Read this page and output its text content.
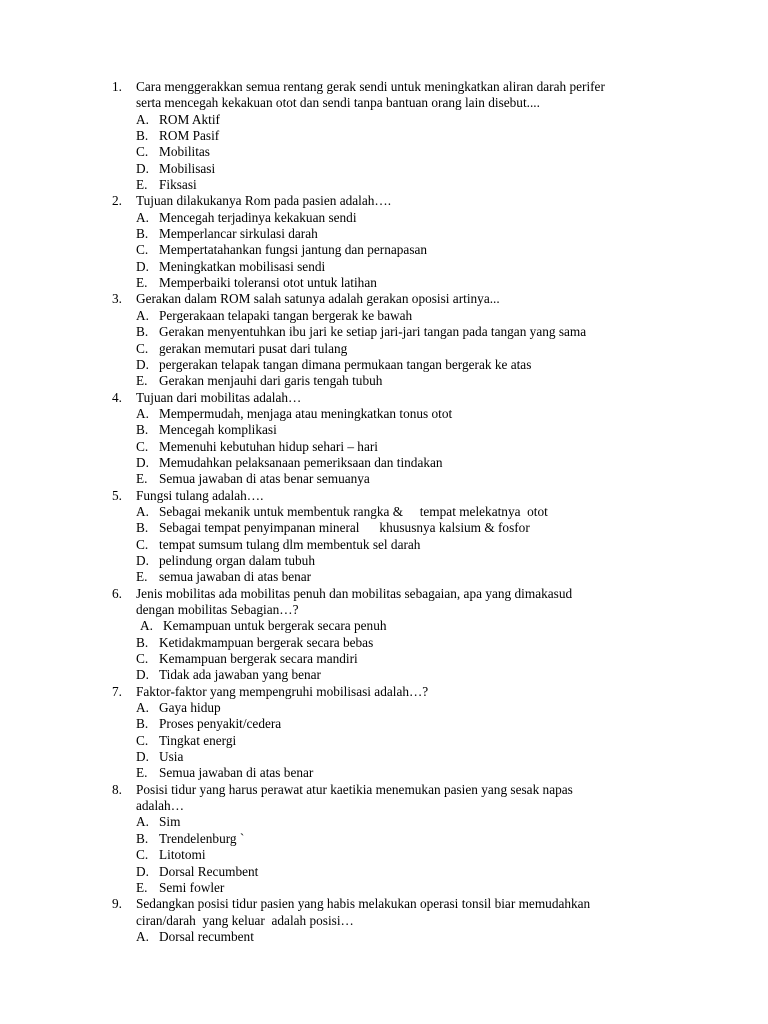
1. Cara menggerakkan semua rentang gerak sendi untuk meningkatkan aliran darah perifer
serta mencegah kekakuan otot dan sendi tanpa bantuan orang lain disebut....
A. ROM Aktif
B. ROM Pasif
C. Mobilitas
D. Mobilisasi
E. Fiksasi
2. Tujuan dilakukanya Rom pada pasien adalah….
A. Mencegah terjadinya kekakuan sendi
B. Memperlancar sirkulasi darah
C. Mempertatahankan fungsi jantung dan pernapasan
D. Meningkatkan mobilisasi sendi
E. Memperbaiki toleransi otot untuk latihan
3. Gerakan dalam ROM salah satunya adalah gerakan oposisi artinya...
A. Pergerakaan telapaki tangan bergerak ke bawah
B. Gerakan menyentuhkan ibu jari ke setiap jari-jari tangan pada tangan yang sama
C. gerakan memutari pusat dari tulang
D. pergerakan telapak tangan dimana permukaan tangan bergerak ke atas
E. Gerakan menjauhi dari garis tengah tubuh
4. Tujuan dari mobilitas adalah…
A. Mempermudah, menjaga atau meningkatkan tonus otot
B. Mencegah komplikasi
C. Memenuhi kebutuhan hidup sehari – hari
D. Memudahkan pelaksanaan pemeriksaan dan tindakan
E. Semua jawaban di atas benar semuanya
5. Fungsi tulang adalah….
A. Sebagai mekanik untuk membentuk rangka &     tempat melekatnya  otot
B. Sebagai tempat penyimpanan mineral      khususnya kalsium & fosfor
C. tempat sumsum tulang dlm membentuk sel darah
D. pelindung organ dalam tubuh
E. semua jawaban di atas benar
6. Jenis mobilitas ada mobilitas penuh dan mobilitas sebagaian, apa yang dimakasud
dengan mobilitas Sebagian…?
A. Kemampuan untuk bergerak secara penuh
B. Ketidakmampuan bergerak secara bebas
C. Kemampuan bergerak secara mandiri
D. Tidak ada jawaban yang benar
7. Faktor-faktor yang mempengruhi mobilisasi adalah…?
A. Gaya hidup
B. Proses penyakit/cedera
C. Tingkat energi
D. Usia
E. Semua jawaban di atas benar
8. Posisi tidur yang harus perawat atur kaetikia menemukan pasien yang sesak napas
adalah…
A. Sim
B. Trendelenburg `
C. Litotomi
D. Dorsal Recumbent
E. Semi fowler
9. Sedangkan posisi tidur pasien yang habis melakukan operasi tonsil biar memudahkan
ciran/darah  yang keluar  adalah posisi…
A. Dorsal recumbent
